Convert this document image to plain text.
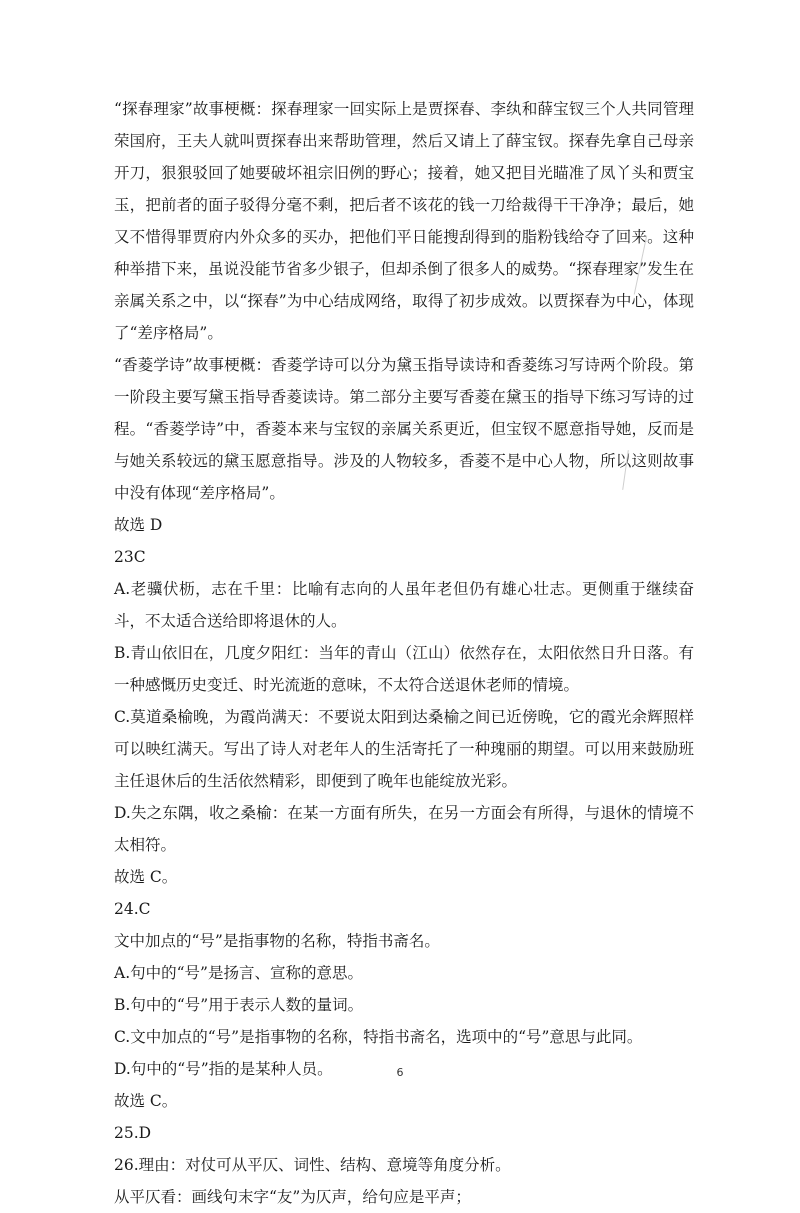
“探春理家”故事梗概：探春理家一回实际上是贾探春、李纨和薛宝钗三个人共同管理荣国府，王夫人就叫贾探春出来帮助管理，然后又请上了薛宝钗。探春先拿自己母亲开刀，狠狠驳回了她要破坏祖宗旧例的野心；接着，她又把目光瞄准了凤丫头和贾宝玉，把前者的面子驳得分毫不剩，把后者不该花的钱一刀给裁得干干净净；最后，她又不惜得罪贾府内外众多的买办，把他们平日能搜刮得到的脂粉钱给夺了回来。这种种举措下来，虽说没能节省多少银子，但却杀倒了很多人的威势。“探春理家”发生在亲属关系之中，以“探春”为中心结成网络，取得了初步成效。以贾探春为中心，体现了“差序格局”。

“香菱学诗”故事梗概：香菱学诗可以分为黛玉指导读诗和香菱练习写诗两个阶段。第一阶段主要写黛玉指导香菱读诗。第二部分主要写香菱在黛玉的指导下练习写诗的过程。“香菱学诗”中，香菱本来与宝钗的亲属关系更近，但宝钗不愿意指导她，反而是与她关系较远的黛玉愿意指导。涉及的人物较多，香菱不是中心人物，所以这则故事中没有体现“差序格局”。

故选 D

23C

A.老骥伏枥，志在千里：比喻有志向的人虽年老但仍有雄心壮志。更侧重于继续奋斗，不太适合送给即将退休的人。

B.青山依旧在，几度夕阳红：当年的青山（江山）依然存在，太阳依然日升日落。有一种感慨历史变迁、时光流逝的意味，不太符合送退休老师的情境。

C.莫道桑榆晚，为霞尚满天：不要说太阳到达桑榆之间已近傍晚，它的霞光余辉照样可以映红满天。写出了诗人对老年人的生活寄托了一种瑰丽的期望。可以用来鼓励班主任退休后的生活依然精彩，即便到了晚年也能绽放光彩。

D.失之东隅，收之桑榆：在某一方面有所失，在另一方面会有所得，与退休的情境不太相符。

故选 C。

24.C

文中加点的“号”是指事物的名称，特指书斋名。

A.句中的“号”是扬言、宣称的意思。

B.句中的“号”用于表示人数的量词。

C.文中加点的“号”是指事物的名称，特指书斋名，选项中的“号”意思与此同。

D.句中的“号”指的是某种人员。

故选 C。

25.D

26.理由：对仗可从平仄、词性、结构、意境等角度分析。

从平仄看：画线句末字“友”为仄声，给句应是平声；

6
